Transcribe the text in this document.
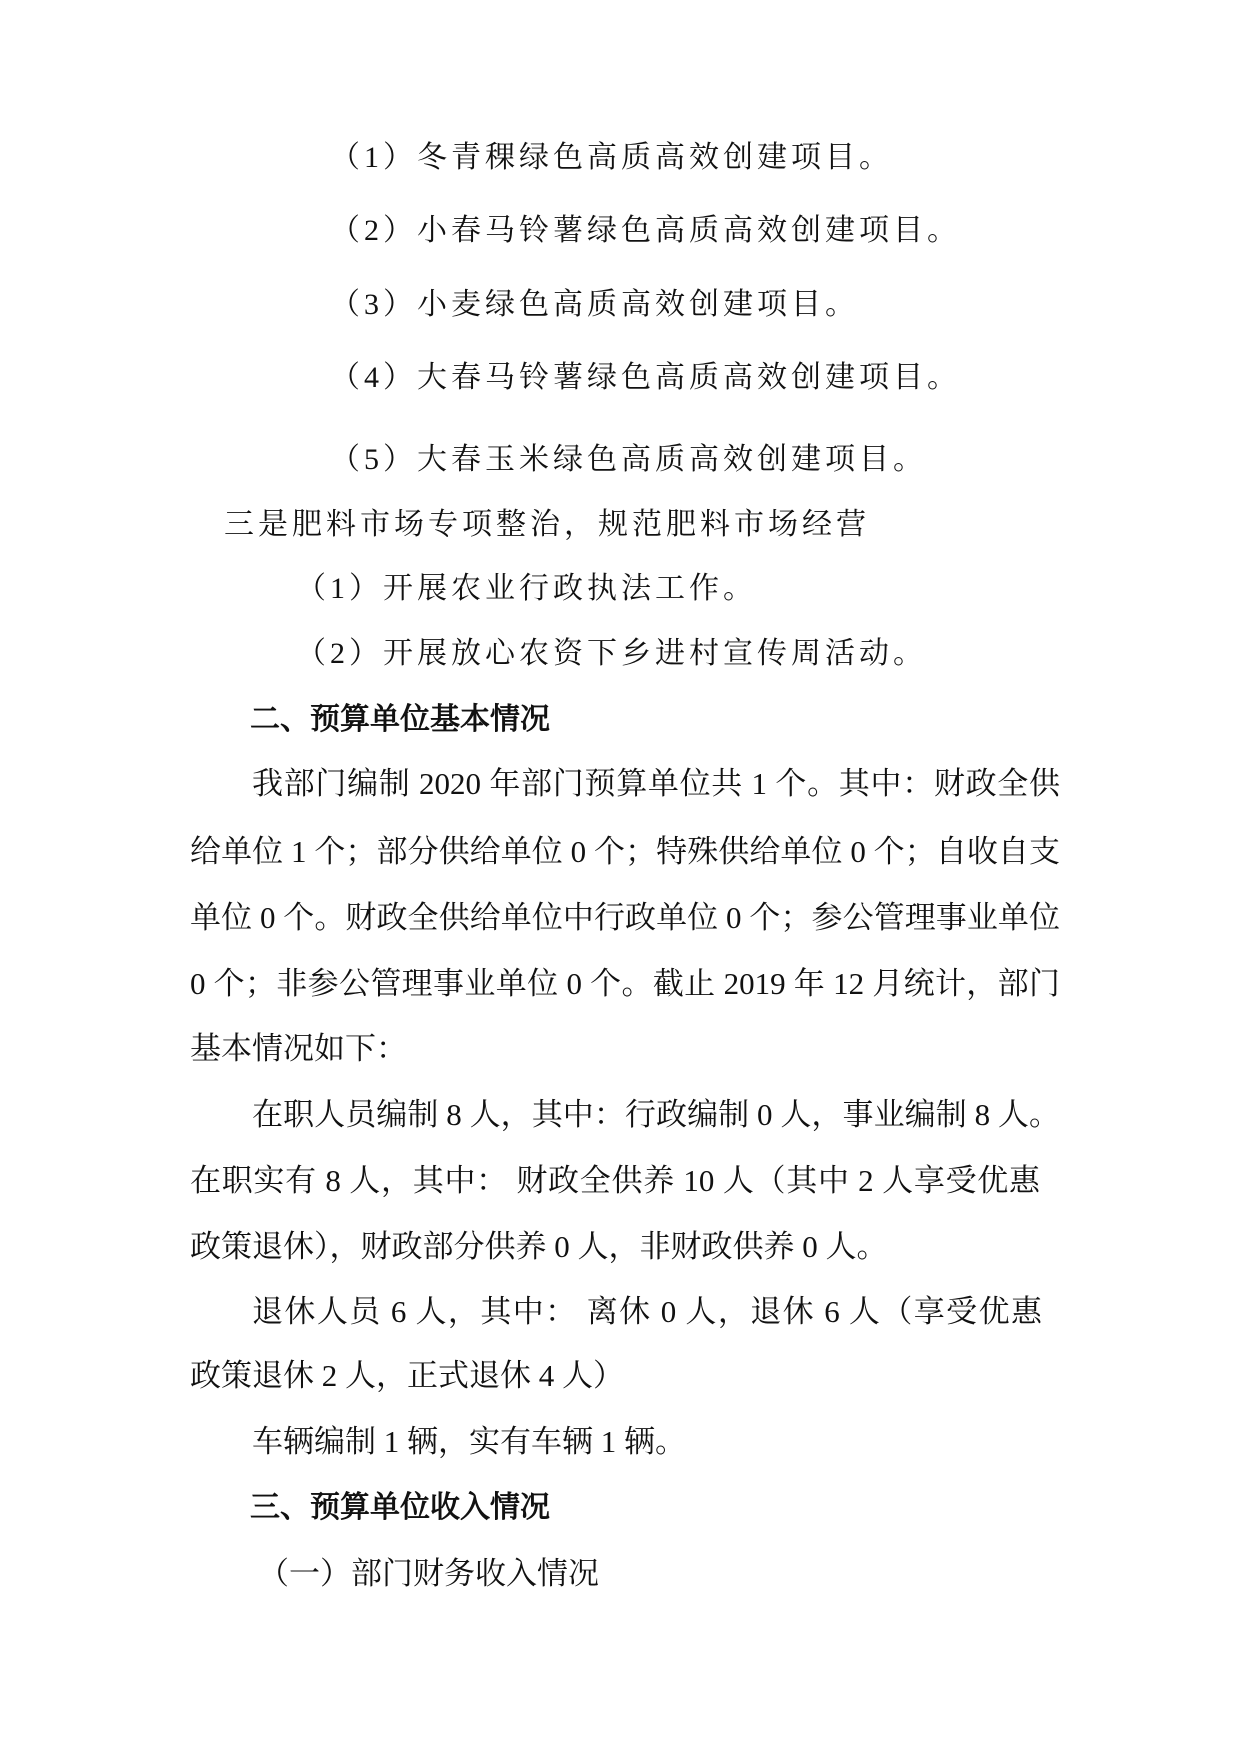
（1）冬青稞绿色高质高效创建项目。
（2）小春马铃薯绿色高质高效创建项目。
（3）小麦绿色高质高效创建项目。
（4）大春马铃薯绿色高质高效创建项目。
（5）大春玉米绿色高质高效创建项目。
三是肥料市场专项整治，规范肥料市场经营
（1）开展农业行政执法工作。
（2）开展放心农资下乡进村宣传周活动。
二、预算单位基本情况
我部门编制 2020 年部门预算单位共 1 个。其中：财政全供
给单位 1 个；部分供给单位 0 个；特殊供给单位 0 个；自收自支
单位 0 个。财政全供给单位中行政单位 0 个；参公管理事业单位
0 个；非参公管理事业单位 0 个。截止 2019 年 12 月统计，部门
基本情况如下：
在职人员编制 8 人，其中：行政编制 0 人，事业编制 8 人。
在职实有 8 人，其中： 财政全供养 10 人（其中 2 人享受优惠
政策退休），财政部分供养 0 人，非财政供养 0 人。
退休人员 6 人，其中： 离休 0 人，退休 6 人（享受优惠
政策退休 2 人，正式退休 4 人）
车辆编制 1 辆，实有车辆 1 辆。
三、预算单位收入情况
（一）部门财务收入情况
